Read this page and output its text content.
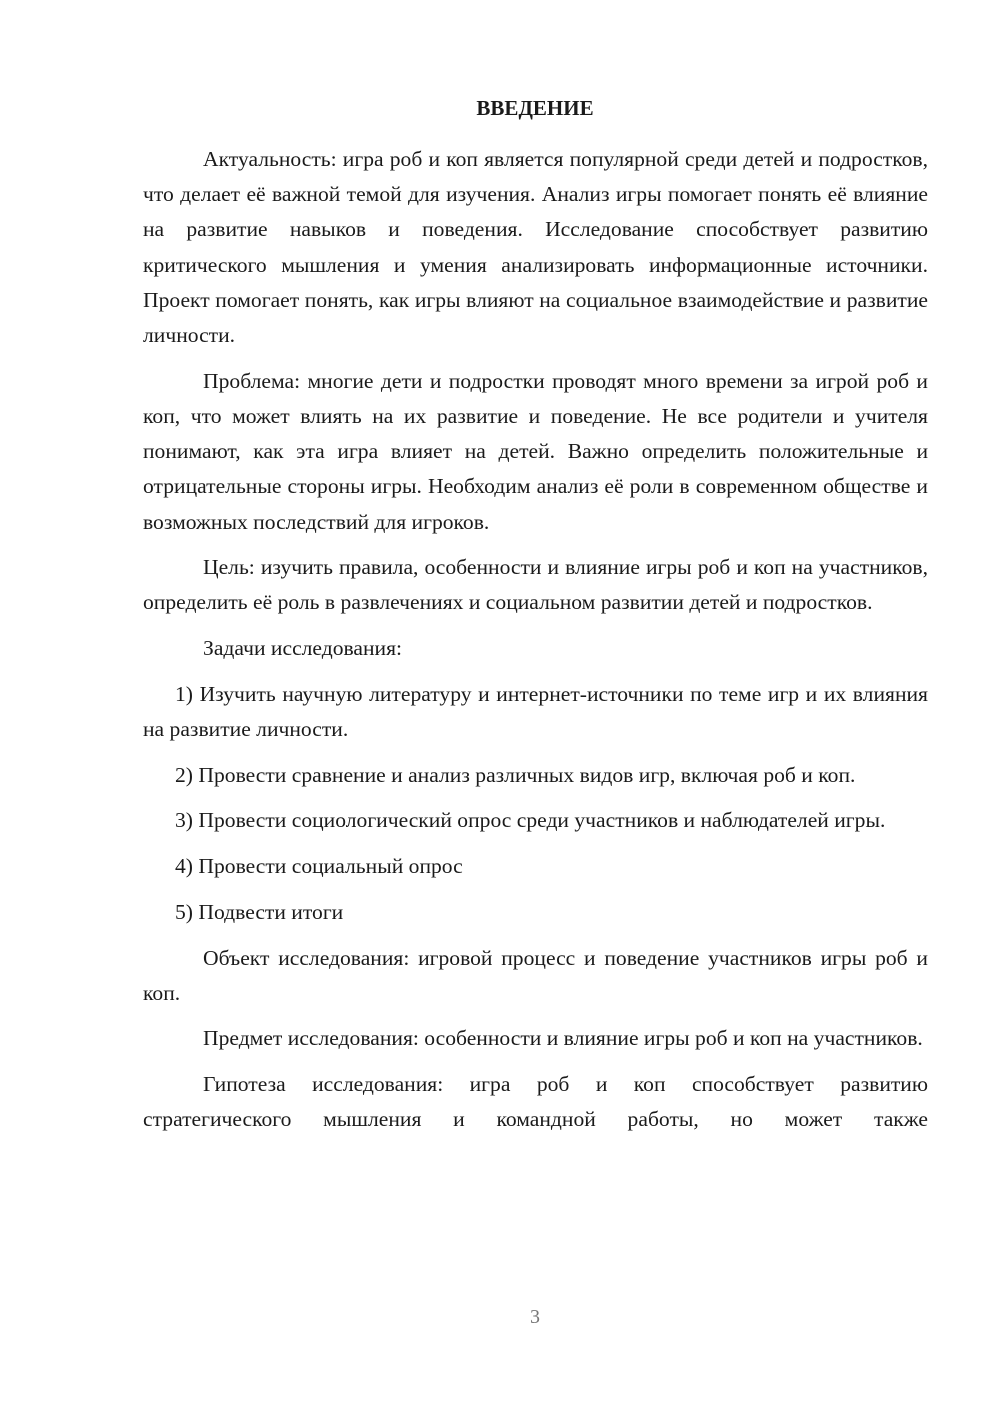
ВВЕДЕНИЕ

Актуальность: игра роб и коп является популярной среди детей и подростков, что делает её важной темой для изучения. Анализ игры помогает понять её влияние на развитие навыков и поведения. Исследование способствует развитию критического мышления и умения анализировать информационные источники. Проект помогает понять, как игры влияют на социальное взаимодействие и развитие личности.

Проблема: многие дети и подростки проводят много времени за игрой роб и коп, что может влиять на их развитие и поведение. Не все родители и учителя понимают, как эта игра влияет на детей. Важно определить положительные и отрицательные стороны игры. Необходим анализ её роли в современном обществе и возможных последствий для игроков.

Цель: изучить правила, особенности и влияние игры роб и коп на участников, определить её роль в развлечениях и социальном развитии детей и подростков.

Задачи исследования:

1) Изучить научную литературу и интернет-источники по теме игр и их влияния на развитие личности.

2) Провести сравнение и анализ различных видов игр, включая роб и коп.

3) Провести социологический опрос среди участников и наблюдателей игры.

4) Провести социальный опрос

5) Подвести итоги

Объект исследования: игровой процесс и поведение участников игры роб и коп.

Предмет исследования: особенности и влияние игры роб и коп на участников.

Гипотеза исследования: игра роб и коп способствует развитию стратегического мышления и командной работы, но может также

3
